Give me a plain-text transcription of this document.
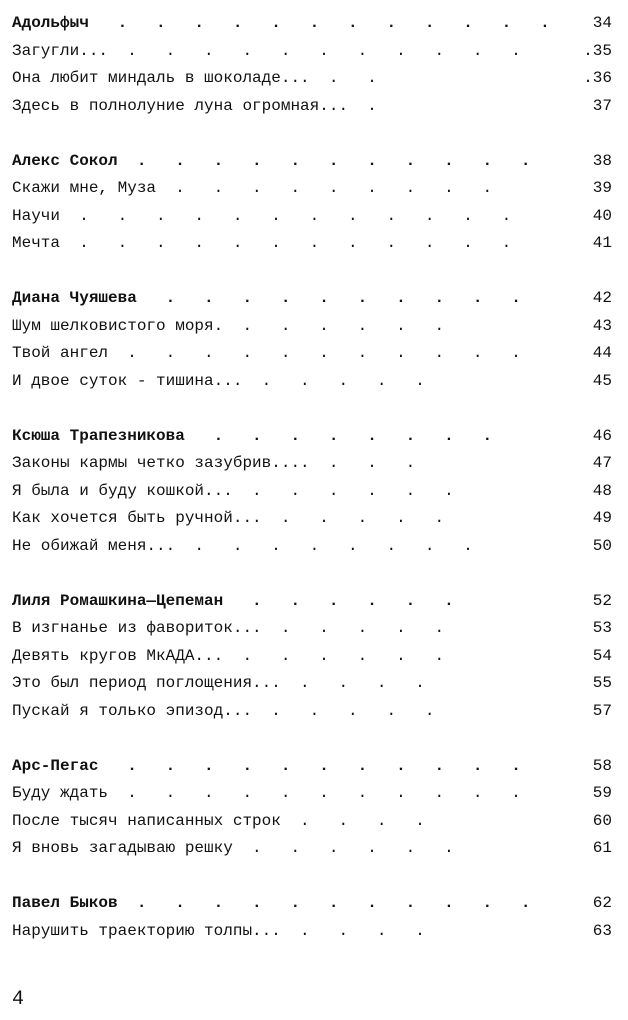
Адольфыч   .   .   .   .   .   .   .   .   .   .   .   .	34
Загугли...  .   .   .   .   .   .   .   .   .   .   .	.35
Она любит миндаль в шоколаде...  .   .	.36
Здесь в полнолуние луна огромная...  .	37
Алекс Сокол  .   .   .   .   .   .   .   .   .   .   .	38
Скажи мне, Муза  .   .   .   .   .   .   .   .   .	39
Научи  .   .   .   .   .   .   .   .   .   .   .   .	40
Мечта  .   .   .   .   .   .   .   .   .   .   .   .	41
Диана Чуяшева   .   .   .   .   .   .   .   .   .   .	42
Шум шелковистого моря.  .   .   .   .   .   .	43
Твой ангел  .   .   .   .   .   .   .   .   .   .   .	44
И двое суток - тишина...  .   .   .   .   .	45
Ксюша Трапезникова   .   .   .   .   .   .   .   .	46
Законы кармы четко зазубрив....  .   .   .	47
Я была и буду кошкой...  .   .   .   .   .   .	48
Как хочется быть ручной...  .   .   .   .   .	49
Не обижай меня...  .   .   .   .   .   .   .   .	50
Лиля Ромашкина—Цепеман   .   .   .   .   .   .	52
В изгнанье из фавориток...  .   .   .   .   .	53
Девять кругов МкАДА...  .   .   .   .   .   .	54
Это был период поглощения...  .   .   .   .	55
Пускай я только эпизод...  .   .   .   .   .	57
Арс-Пегас   .   .   .   .   .   .   .   .   .   .   .	58
Буду ждать  .   .   .   .   .   .   .   .   .   .   .	59
После тысяч написанных строк  .   .   .   .	60
Я вновь загадываю решку  .   .   .   .   .   .	61
Павел Быков  .   .   .   .   .   .   .   .   .   .   .	62
Нарушить траекторию толпы...  .   .   .   .	63
4
